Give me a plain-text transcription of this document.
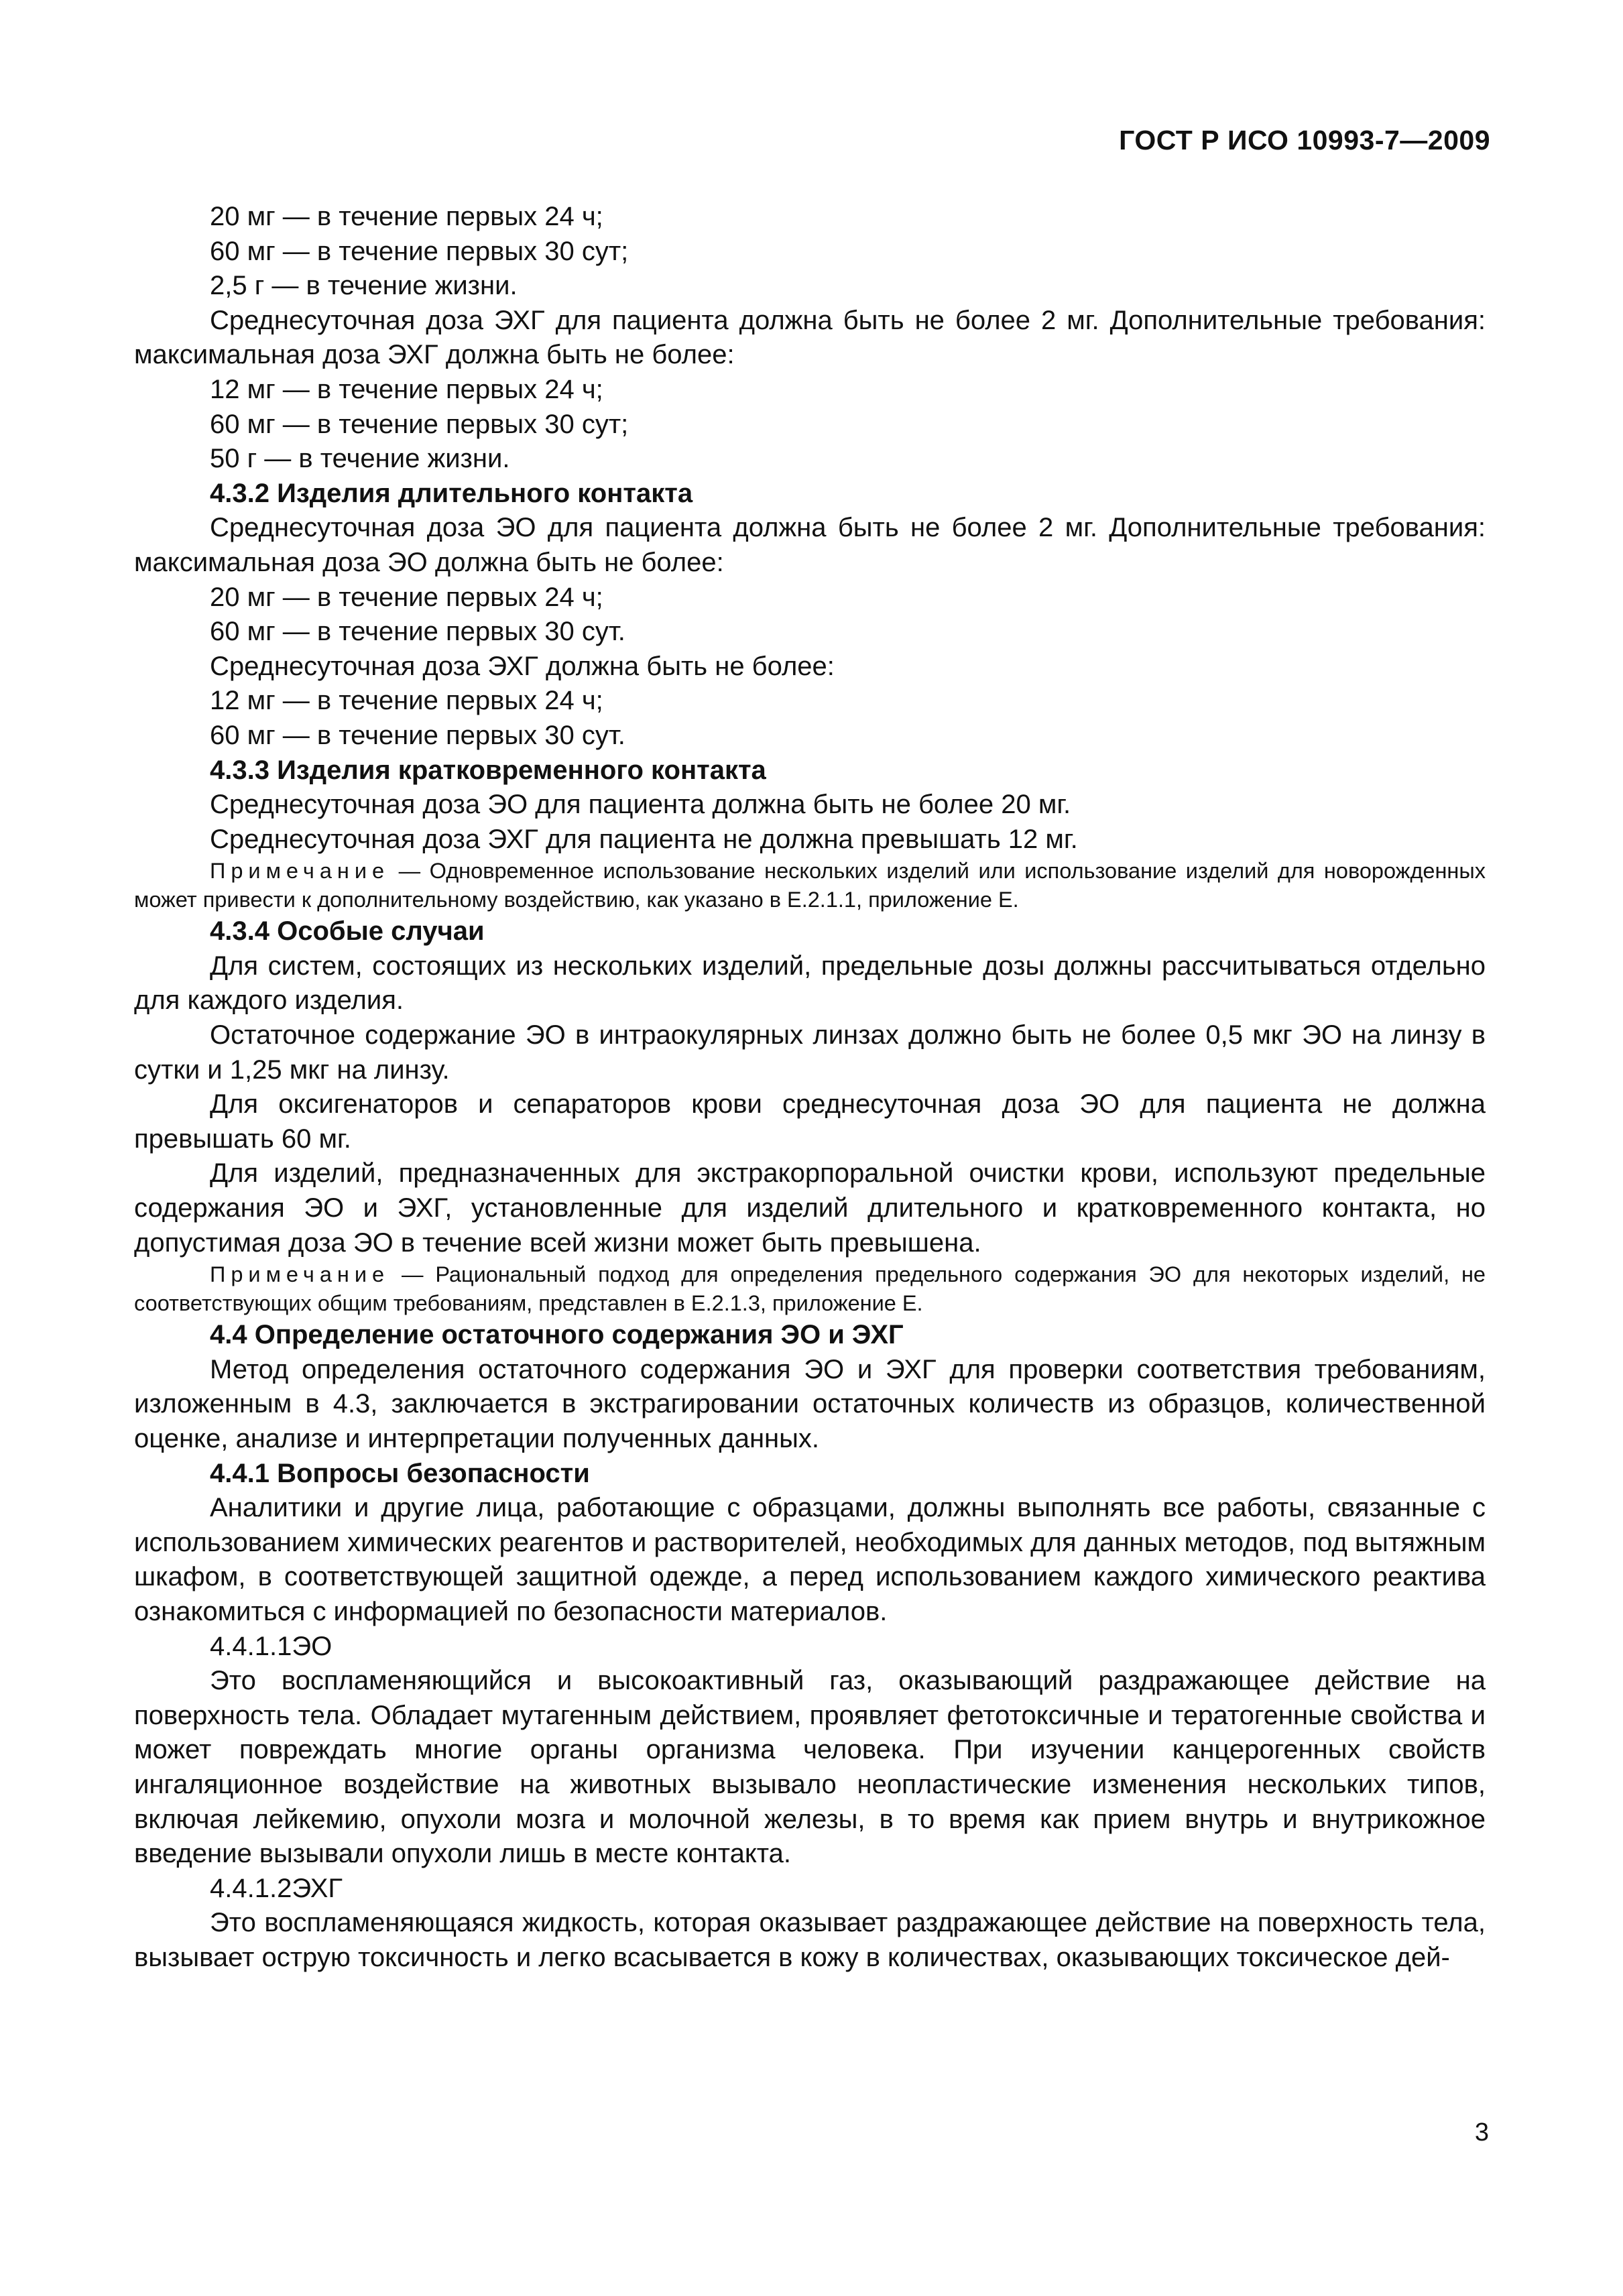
ГОСТ Р ИСО 10993-7—2009

20 мг — в течение первых 24 ч;

60 мг — в течение первых 30 сут;

2,5 г — в течение жизни.

Среднесуточная доза ЭХГ для пациента должна быть не более 2 мг. Дополнительные требования: максимальная доза ЭХГ должна быть не более:

12 мг — в течение первых 24 ч;

60 мг — в течение первых 30 сут;

50 г — в течение жизни.

4.3.2 Изделия длительного контакта

Среднесуточная доза ЭО для пациента должна быть не более 2 мг. Дополнительные требования: максимальная доза ЭО должна быть не более:

20 мг — в течение первых 24 ч;

60 мг — в течение первых 30 сут.

Среднесуточная доза ЭХГ должна быть не более:

12 мг — в течение первых 24 ч;

60 мг — в течение первых 30 сут.

4.3.3 Изделия кратковременного контакта

Среднесуточная доза ЭО для пациента должна быть не более 20 мг.

Среднесуточная доза ЭХГ для пациента не должна превышать 12 мг.

Примечание — Одновременное использование нескольких изделий или использование изделий для новорожденных может привести к дополнительному воздействию, как указано в Е.2.1.1, приложение Е.

4.3.4 Особые случаи

Для систем, состоящих из нескольких изделий, предельные дозы должны рассчитываться отдельно для каждого изделия.

Остаточное содержание ЭО в интраокулярных линзах должно быть не более 0,5 мкг ЭО на линзу в сутки и 1,25 мкг на линзу.

Для оксигенаторов и сепараторов крови среднесуточная доза ЭО для пациента не должна превышать 60 мг.

Для изделий, предназначенных для экстракорпоральной очистки крови, используют предельные содержания ЭО и ЭХГ, установленные для изделий длительного и кратковременного контакта, но допустимая доза ЭО в течение всей жизни может быть превышена.

Примечание — Рациональный подход для определения предельного содержания ЭО для некоторых изделий, не соответствующих общим требованиям, представлен в Е.2.1.3, приложение Е.

4.4 Определение остаточного содержания ЭО и ЭХГ

Метод определения остаточного содержания ЭО и ЭХГ для проверки соответствия требованиям, изложенным в 4.3, заключается в экстрагировании остаточных количеств из образцов, количественной оценке, анализе и интерпретации полученных данных.

4.4.1 Вопросы безопасности

Аналитики и другие лица, работающие с образцами, должны выполнять все работы, связанные с использованием химических реагентов и растворителей, необходимых для данных методов, под вытяжным шкафом, в соответствующей защитной одежде, а перед использованием каждого химического реактива ознакомиться с информацией по безопасности материалов.

4.4.1.1ЭО

Это воспламеняющийся и высокоактивный газ, оказывающий раздражающее действие на поверхность тела. Обладает мутагенным действием, проявляет фетотоксичные и тератогенные свойства и может повреждать многие органы организма человека. При изучении канцерогенных свойств ингаляционное воздействие на животных вызывало неопластические изменения нескольких типов, включая лейкемию, опухоли мозга и молочной железы, в то время как прием внутрь и внутрикожное введение вызывали опухоли лишь в месте контакта.

4.4.1.2ЭХГ

Это воспламеняющаяся жидкость, которая оказывает раздражающее действие на поверхность тела, вызывает острую токсичность и легко всасывается в кожу в количествах, оказывающих токсическое дей-

3
